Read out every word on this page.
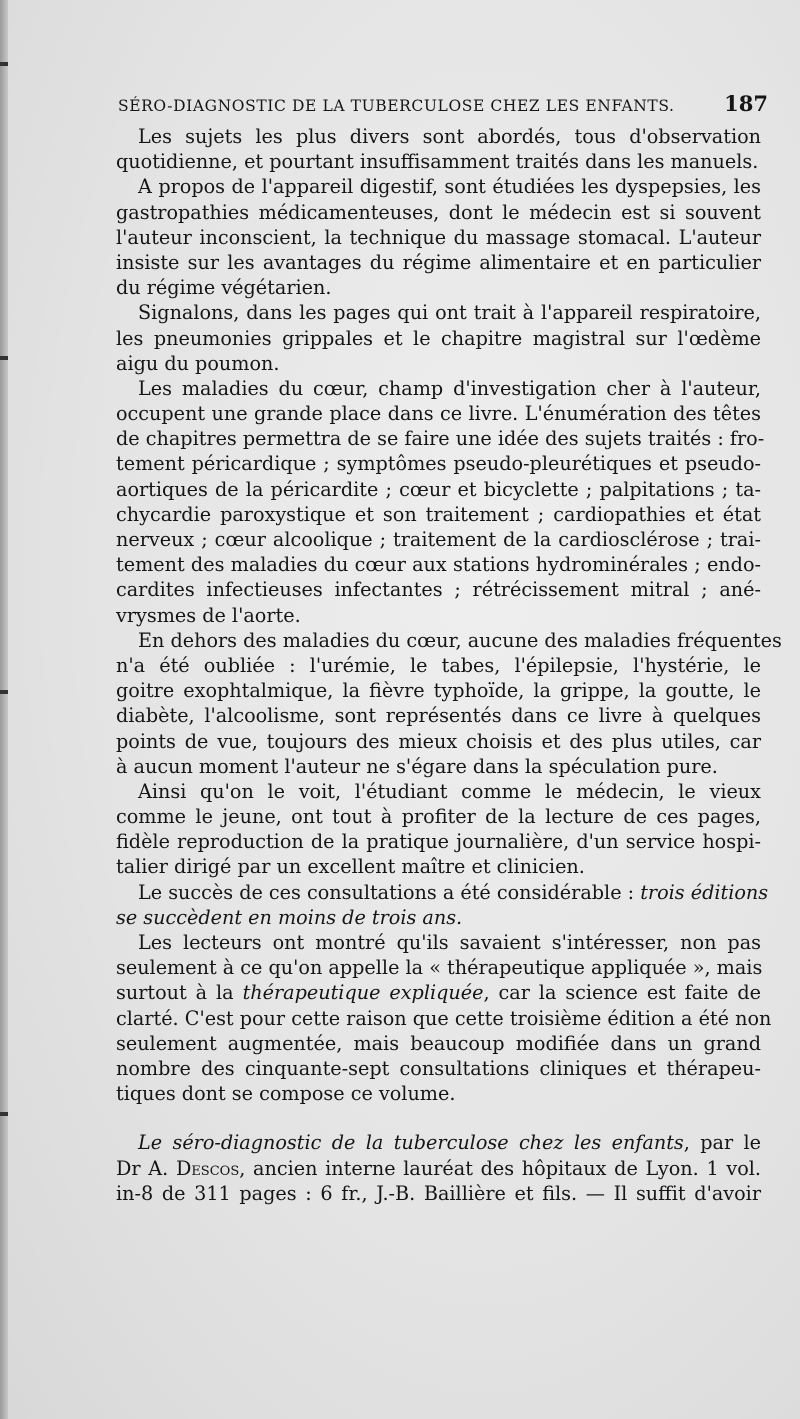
SÉRO-DIAGNOSTIC DE LA TUBERCULOSE CHEZ LES ENFANTS. 187
Les sujets les plus divers sont abordés, tous d'observation
quotidienne, et pourtant insuffisamment traités dans les manuels.
A propos de l'appareil digestif, sont étudiées les dyspepsies, les
gastropathies médicamenteuses, dont le médecin est si souvent
l'auteur inconscient, la technique du massage stomacal. L'auteur
insiste sur les avantages du régime alimentaire et en particulier
du régime végétarien.
Signalons, dans les pages qui ont trait à l'appareil respiratoire,
les pneumonies grippales et le chapitre magistral sur l'œdème
aigu du poumon.
Les maladies du cœur, champ d'investigation cher à l'auteur,
occupent une grande place dans ce livre. L'énumération des têtes
de chapitres permettra de se faire une idée des sujets traités : fro-
tement péricardique ; symptômes pseudo-pleurétiques et pseudo-
aortiques de la péricardite ; cœur et bicyclette ; palpitations ; ta-
chycardie paroxystique et son traitement ; cardiopathies et état
nerveux ; cœur alcoolique ; traitement de la cardiosclérose ; trai-
tement des maladies du cœur aux stations hydrominérales ; endo-
cardites infectieuses infectantes ; rétrécissement mitral ; ané-
vrysmes de l'aorte.
En dehors des maladies du cœur, aucune des maladies fréquentes
n'a été oubliée : l'urémie, le tabes, l'épilepsie, l'hystérie, le
goitre exophtalmique, la fièvre typhoïde, la grippe, la goutte, le
diabète, l'alcoolisme, sont représentés dans ce livre à quelques
points de vue, toujours des mieux choisis et des plus utiles, car
à aucun moment l'auteur ne s'égare dans la spéculation pure.
Ainsi qu'on le voit, l'étudiant comme le médecin, le vieux
comme le jeune, ont tout à profiter de la lecture de ces pages,
fidèle reproduction de la pratique journalière, d'un service hospi-
talier dirigé par un excellent maître et clinicien.
Le succès de ces consultations a été considérable : trois éditions
se succèdent en moins de trois ans.
Les lecteurs ont montré qu'ils savaient s'intéresser, non pas
seulement à ce qu'on appelle la « thérapeutique appliquée », mais
surtout à la thérapeutique expliquée, car la science est faite de
clarté. C'est pour cette raison que cette troisième édition a été non
seulement augmentée, mais beaucoup modifiée dans un grand
nombre des cinquante-sept consultations cliniques et thérapeu-
tiques dont se compose ce volume.
Le séro-diagnostic de la tuberculose chez les enfants, par le
Dr A. Descos, ancien interne lauréat des hôpitaux de Lyon. 1 vol.
in-8 de 311 pages : 6 fr., J.-B. Baillière et fils. — Il suffit d'avoir
